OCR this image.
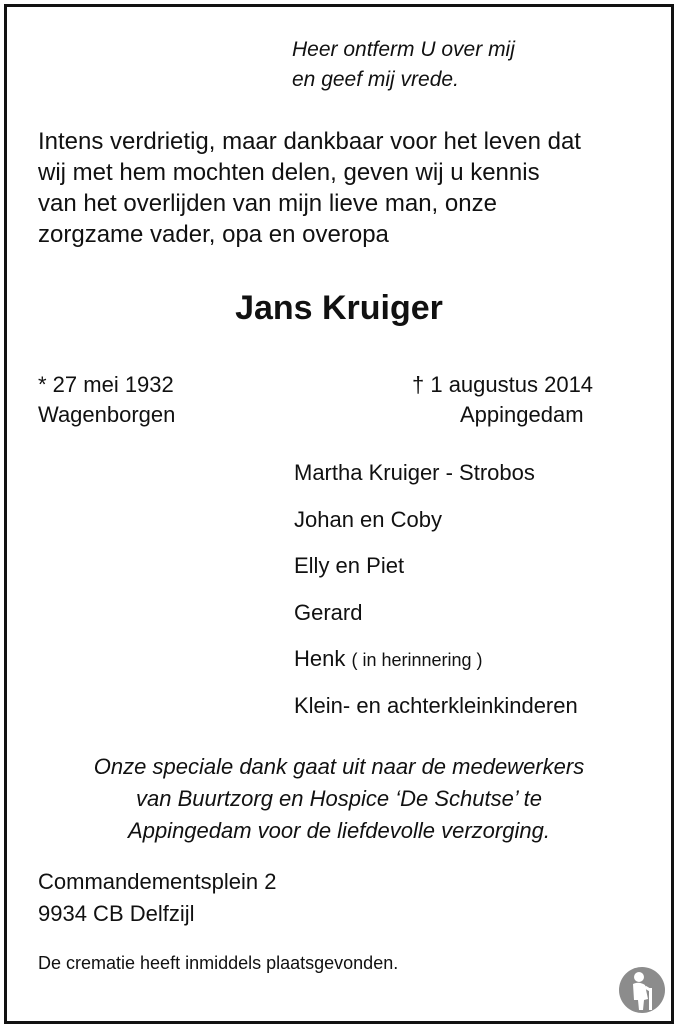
Heer ontferm U over mij
en geef mij vrede.
Intens verdrietig, maar dankbaar voor het leven dat
wij met hem mochten delen, geven wij u kennis
van het overlijden van mijn lieve man, onze
zorgzame vader, opa en overopa
Jans Kruiger
* 27 mei 1932
Wagenborgen
† 1 augustus 2014
Appingedam
Martha Kruiger - Strobos
Johan en Coby
Elly en Piet
Gerard
Henk ( in herinnering )
Klein- en achterkleinkinderen
Onze speciale dank gaat uit naar de medewerkers
van Buurtzorg en Hospice ‘De Schutse’ te
Appingedam voor de liefdevolle verzorging.
Commandementsplein 2
9934 CB Delfzijl
De crematie heeft inmiddels plaatsgevonden.
